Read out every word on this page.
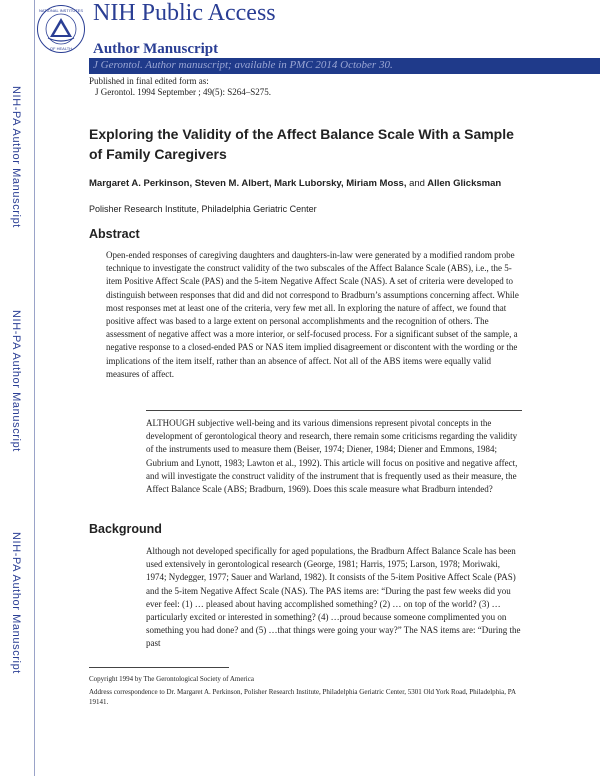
NIH-PA Author Manuscript
NIH-PA Author Manuscript
NIH-PA Author Manuscript
NATIONAL INSTITUTES
OF HEALTH
NIH Public Access
Author Manuscript
J Gerontol. Author manuscript; available in PMC 2014 October 30.
Published in final edited form as:
J Gerontol. 1994 September ; 49(5): S264–S275.
Exploring the Validity of the Affect Balance Scale With a Sample of Family Caregivers
Margaret A. Perkinson, Steven M. Albert, Mark Luborsky, Miriam Moss, and Allen Glicksman
Polisher Research Institute, Philadelphia Geriatric Center
Abstract
Open-ended responses of caregiving daughters and daughters-in-law were generated by a modified random probe technique to investigate the construct validity of the two subscales of the Affect Balance Scale (ABS), i.e., the 5-item Positive Affect Scale (PAS) and the 5-item Negative Affect Scale (NAS). A set of criteria were developed to distinguish between responses that did and did not correspond to Bradburn’s assumptions concerning affect. While most responses met at least one of the criteria, very few met all. In exploring the nature of affect, we found that positive affect was based to a large extent on personal accomplishments and the recognition of others. The assessment of negative affect was a more interior, or self-focused process. For a significant subset of the sample, a negative response to a closed-ended PAS or NAS item implied disagreement or discontent with the wording or the implications of the item itself, rather than an absence of affect. Not all of the ABS items were equally valid measures of affect.
ALTHOUGH subjective well-being and its various dimensions represent pivotal concepts in the development of gerontological theory and research, there remain some criticisms regarding the validity of the instruments used to measure them (Beiser, 1974; Diener, 1984; Diener and Emmons, 1984; Gubrium and Lynott, 1983; Lawton et al., 1992). This article will focus on positive and negative affect, and will investigate the construct validity of the instrument that is frequently used as their measure, the Affect Balance Scale (ABS; Bradburn, 1969). Does this scale measure what Bradburn intended?
Background
Although not developed specifically for aged populations, the Bradburn Affect Balance Scale has been used extensively in gerontological research (George, 1981; Harris, 1975; Larson, 1978; Moriwaki, 1974; Nydegger, 1977; Sauer and Warland, 1982). It consists of the 5-item Positive Affect Scale (PAS) and the 5-item Negative Affect Scale (NAS). The PAS items are: “During the past few weeks did you ever feel: (1) … pleased about having accomplished something? (2) … on top of the world? (3) …particularly excited or interested in something? (4) …proud because someone complimented you on something you had done? and (5) …that things were going your way?” The NAS items are: “During the past
Copyright 1994 by The Gerontological Society of America
Address correspondence to Dr. Margaret A. Perkinson, Polisher Research Institute, Philadelphia Geriatric Center, 5301 Old York Road, Philadelphia, PA 19141.
